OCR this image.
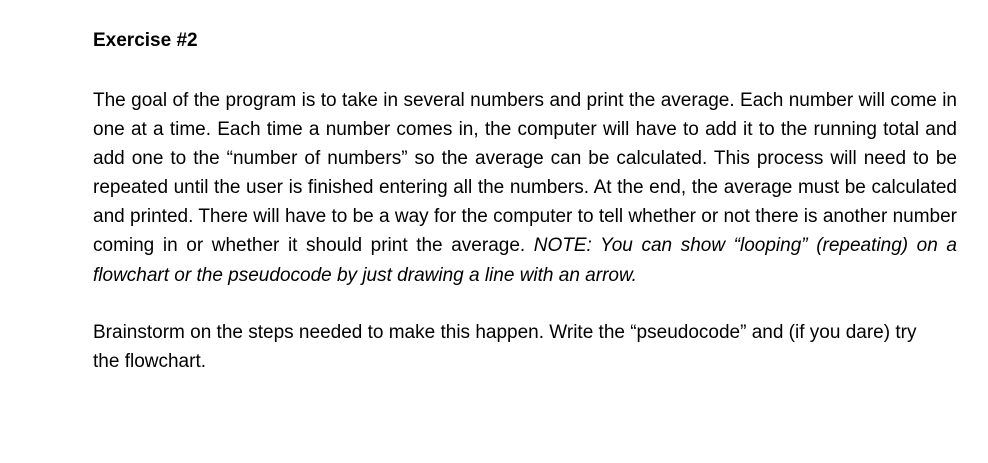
Exercise #2

The goal of the program is to take in several numbers and print the average. Each number will come in one at a time. Each time a number comes in, the computer will have to add it to the running total and add one to the “number of numbers” so the average can be calculated. This process will need to be repeated until the user is finished entering all the numbers. At the end, the average must be calculated and printed. There will have to be a way for the computer to tell whether or not there is another number coming in or whether it should print the average. NOTE: You can show “looping” (repeating) on a flowchart or the pseudocode by just drawing a line with an arrow.

Brainstorm on the steps needed to make this happen. Write the “pseudocode” and (if you dare) try the flowchart.
